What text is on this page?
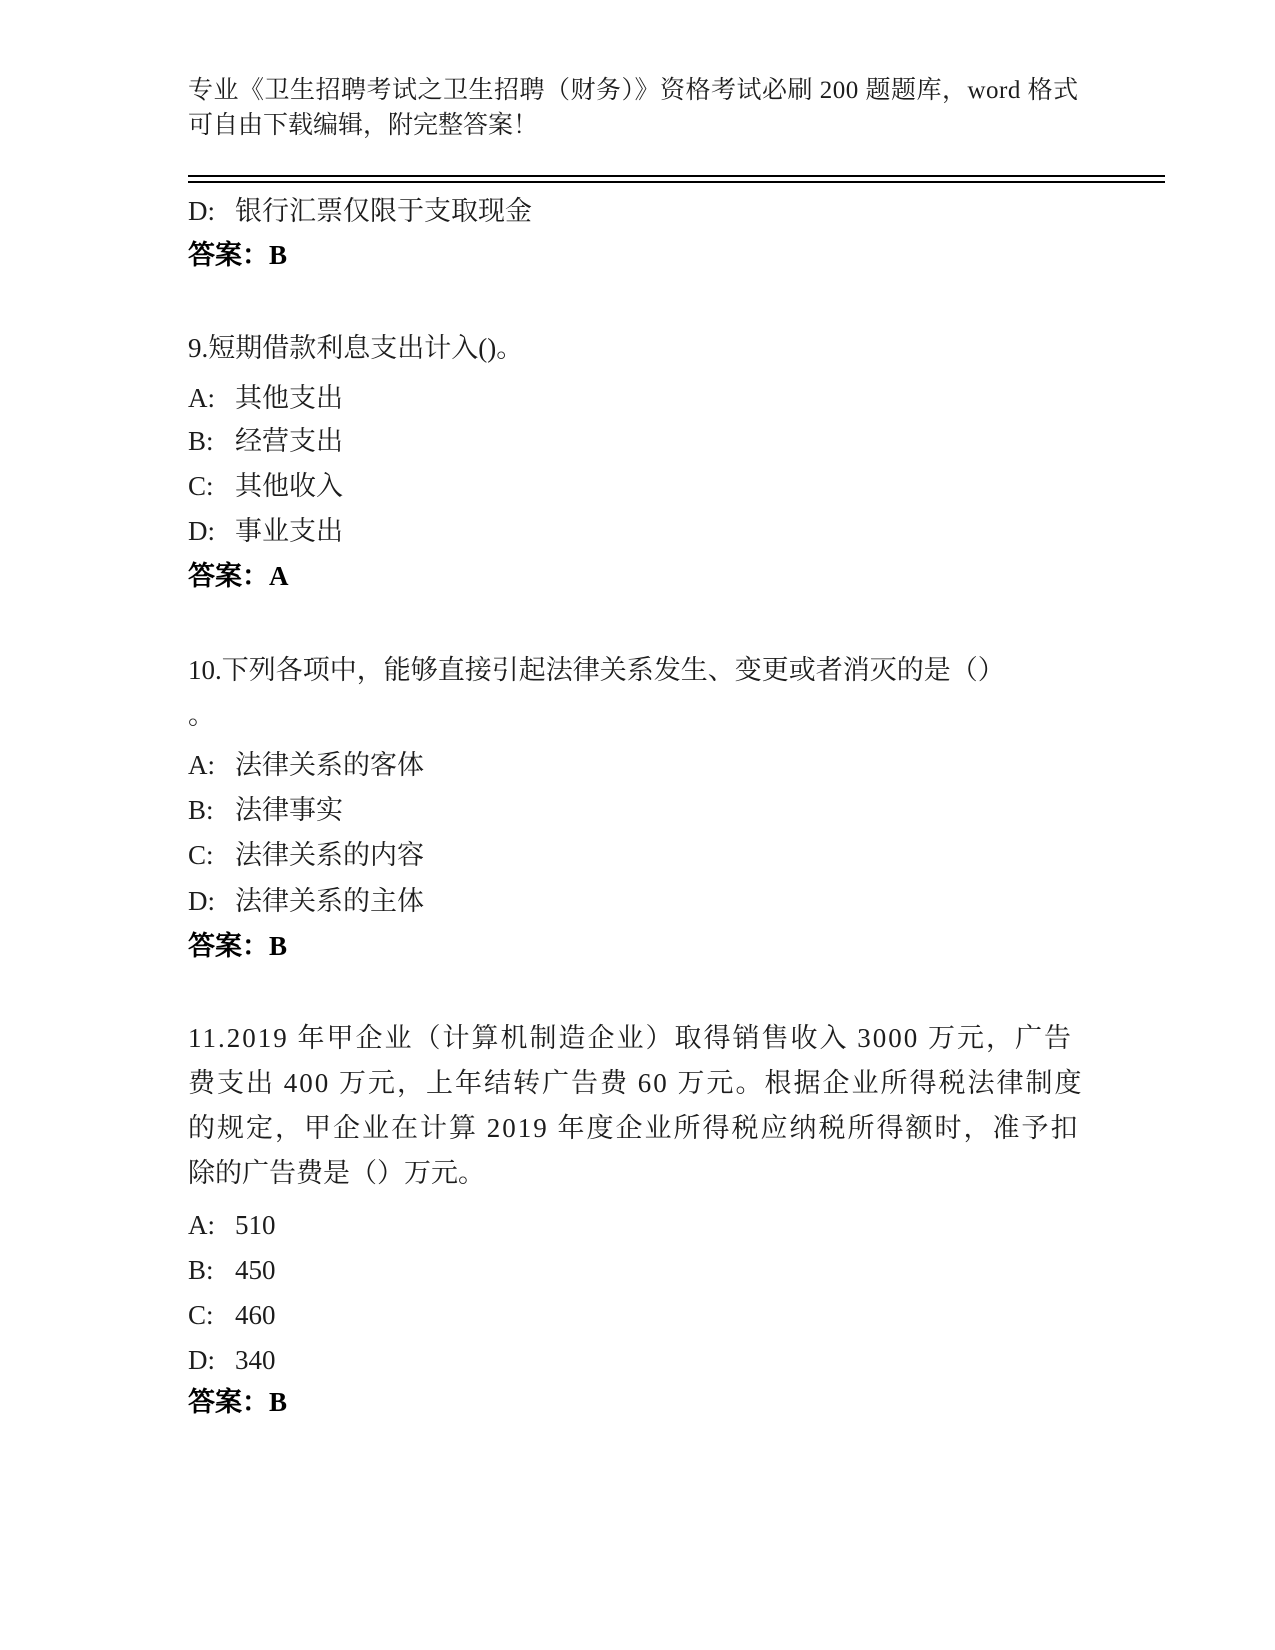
专业《卫生招聘考试之卫生招聘（财务）》资格考试必刷 200 题题库，word 格式
可自由下载编辑，附完整答案！
D: 银行汇票仅限于支取现金
答案：B
9.短期借款利息支出计入()。
A: 其他支出
B: 经营支出
C: 其他收入
D: 事业支出
答案：A
10.下列各项中，能够直接引起法律关系发生、变更或者消灭的是（）
。
A: 法律关系的客体
B: 法律事实
C: 法律关系的内容
D: 法律关系的主体
答案：B
11.2019 年甲企业（计算机制造企业）取得销售收入 3000 万元，广告
费支出 400 万元，上年结转广告费 60 万元。根据企业所得税法律制度
的规定，甲企业在计算 2019 年度企业所得税应纳税所得额时，准予扣
除的广告费是（）万元。
A: 510
B: 450
C: 460
D: 340
答案：B
